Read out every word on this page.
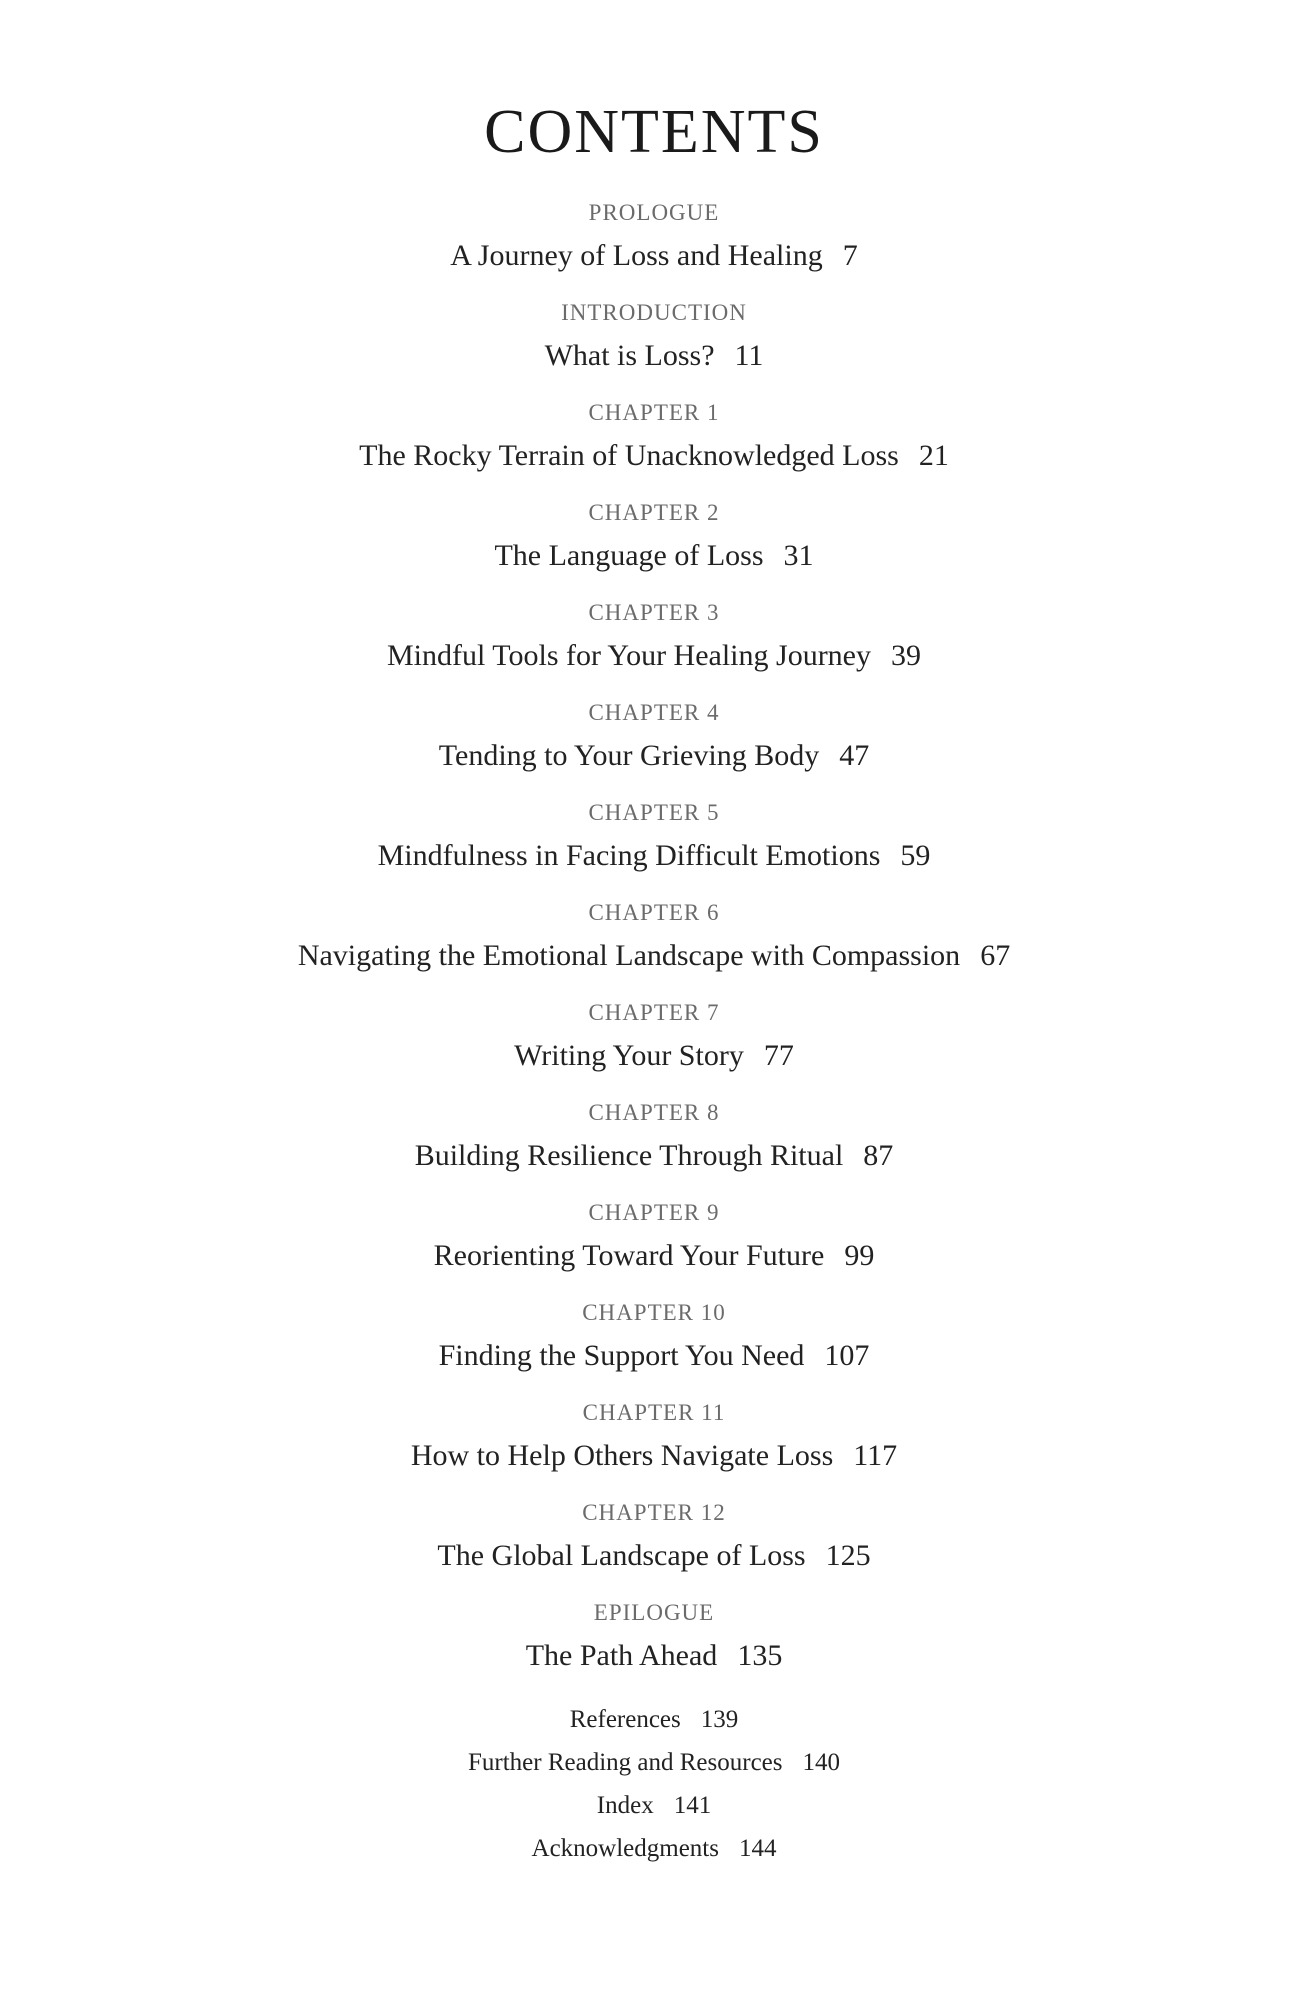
CONTENTS
PROLOGUE
A Journey of Loss and Healing 7
INTRODUCTION
What is Loss? 11
CHAPTER 1
The Rocky Terrain of Unacknowledged Loss 21
CHAPTER 2
The Language of Loss 31
CHAPTER 3
Mindful Tools for Your Healing Journey 39
CHAPTER 4
Tending to Your Grieving Body 47
CHAPTER 5
Mindfulness in Facing Difficult Emotions 59
CHAPTER 6
Navigating the Emotional Landscape with Compassion 67
CHAPTER 7
Writing Your Story 77
CHAPTER 8
Building Resilience Through Ritual 87
CHAPTER 9
Reorienting Toward Your Future 99
CHAPTER 10
Finding the Support You Need 107
CHAPTER 11
How to Help Others Navigate Loss 117
CHAPTER 12
The Global Landscape of Loss 125
EPILOGUE
The Path Ahead 135
References 139
Further Reading and Resources 140
Index 141
Acknowledgments 144
